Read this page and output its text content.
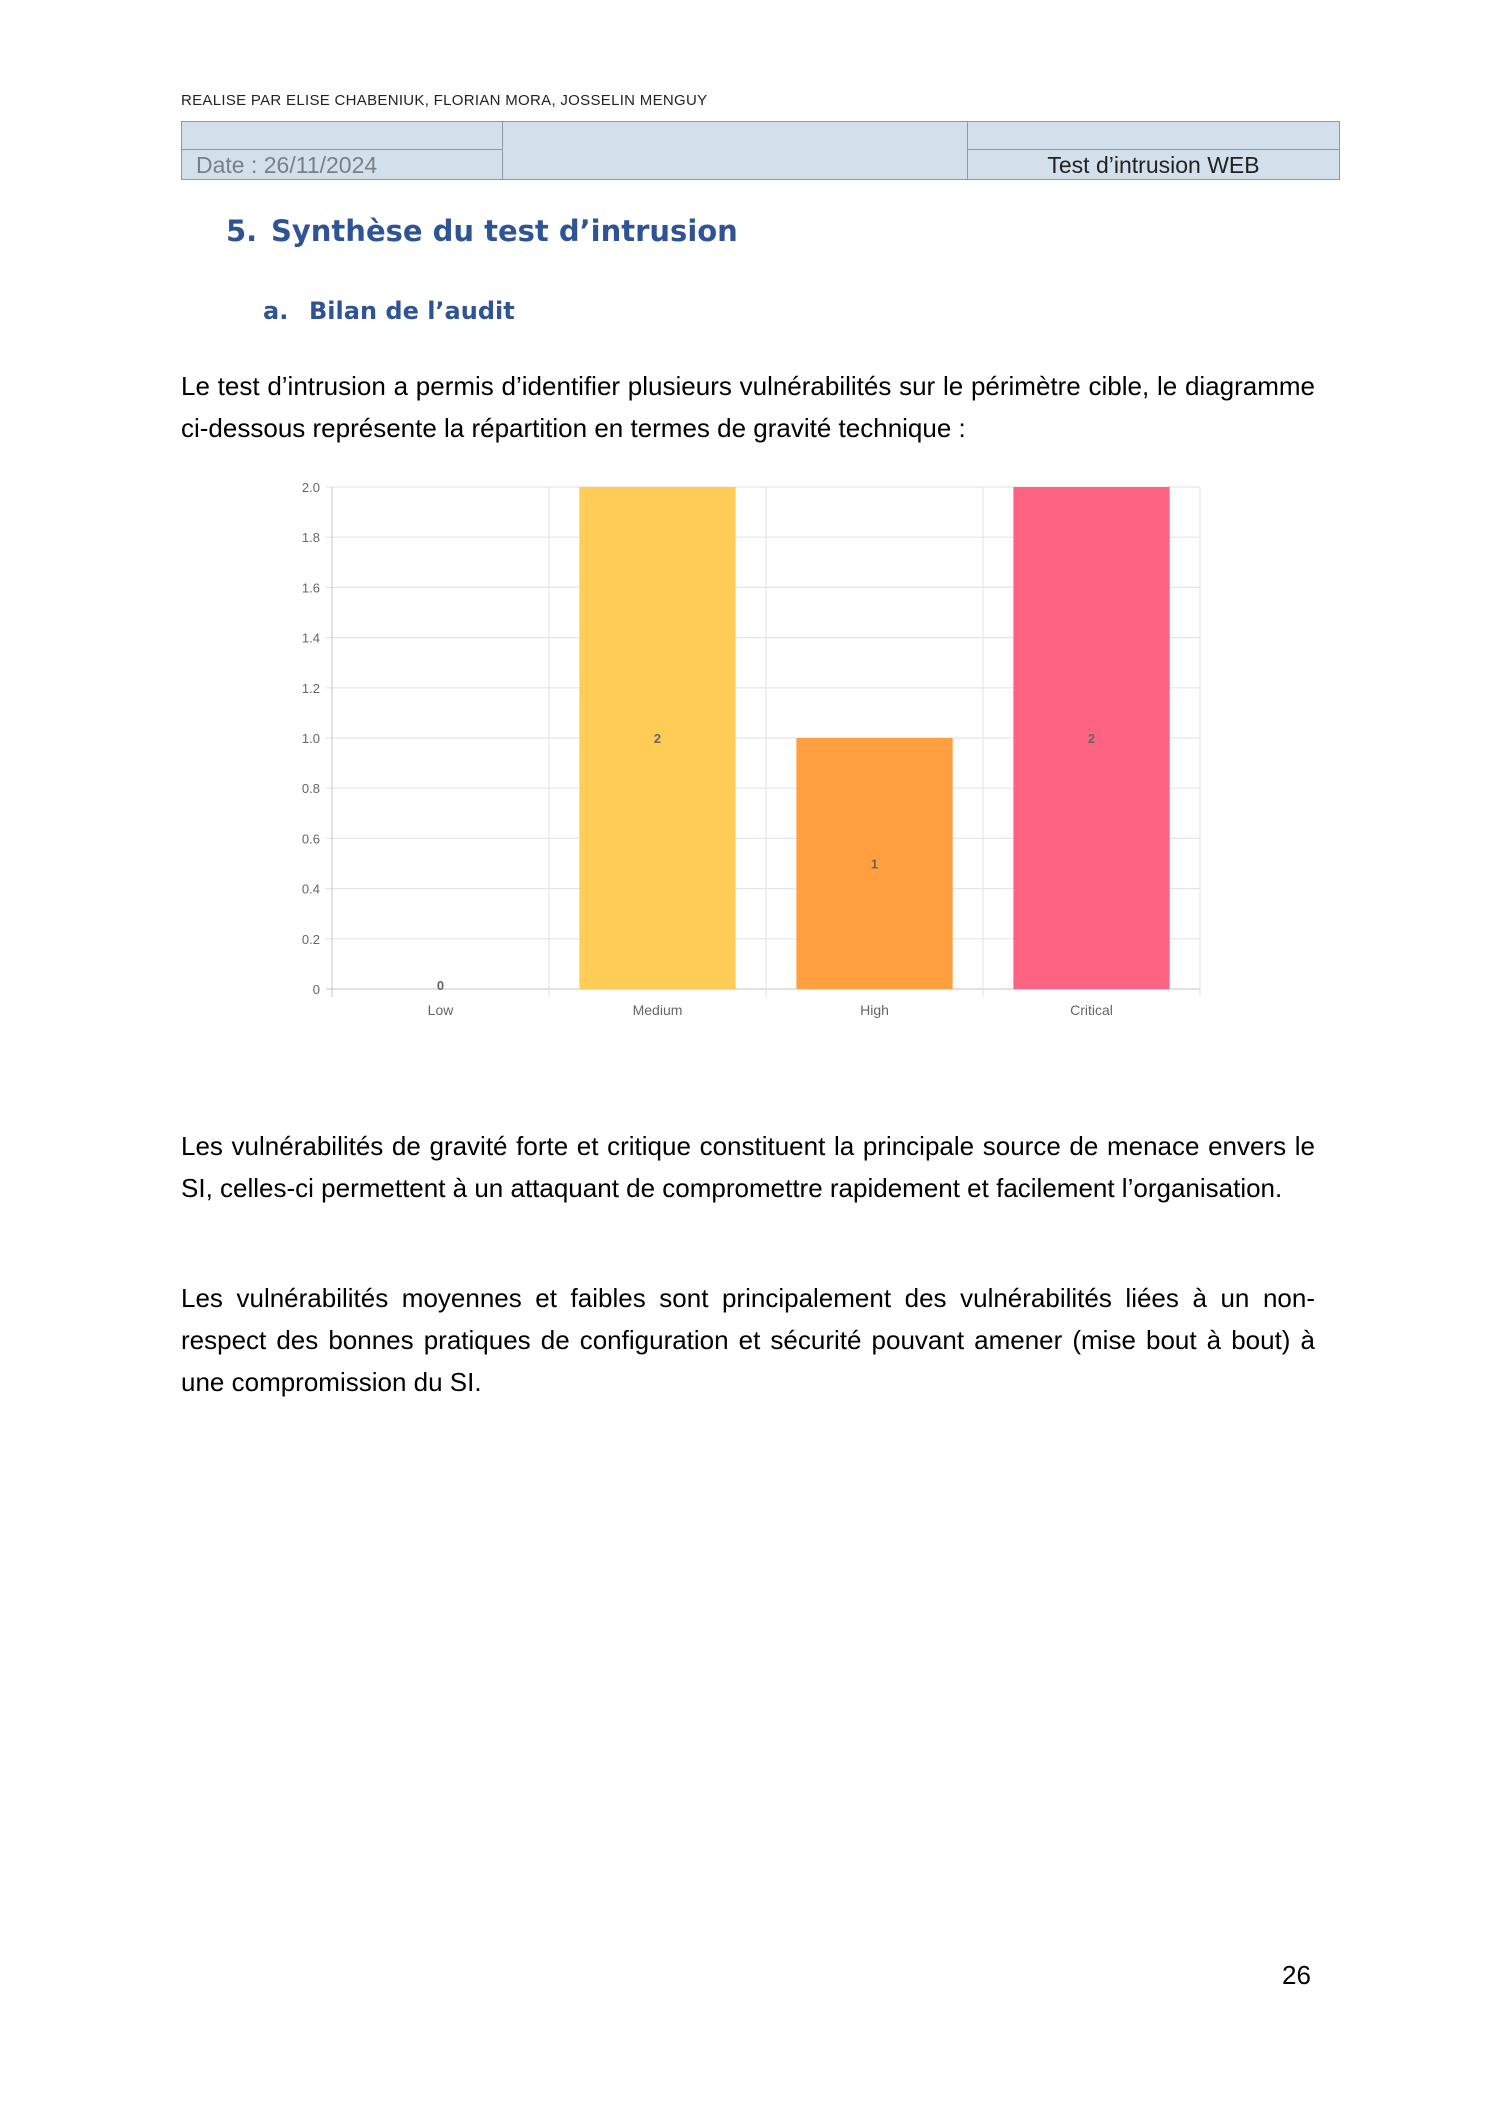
REALISE PAR ELISE CHABENIUK, FLORIAN MORA, JOSSELIN MENGUY

Date : 26/11/2024		Test d’intrusion WEB
5. Synthèse du test d’intrusion
a. Bilan de l’audit
Le test d’intrusion a permis d’identifier plusieurs vulnérabilités sur le périmètre cible, le diagramme ci-dessous représente la répartition en termes de gravité technique :
0
0.2
0.4
0.6
0.8
1.0
1.2
1.4
1.6
1.8
2.0
0
Low
2
Medium
1
High
2
Critical
Les vulnérabilités de gravité forte et critique constituent la principale source de menace envers le SI, celles-ci permettent à un attaquant de compromettre rapidement et facilement l’organisation.
Les vulnérabilités moyennes et faibles sont principalement des vulnérabilités liées à un non-respect des bonnes pratiques de configuration et sécurité pouvant amener (mise bout à bout) à une compromission du SI.
26
